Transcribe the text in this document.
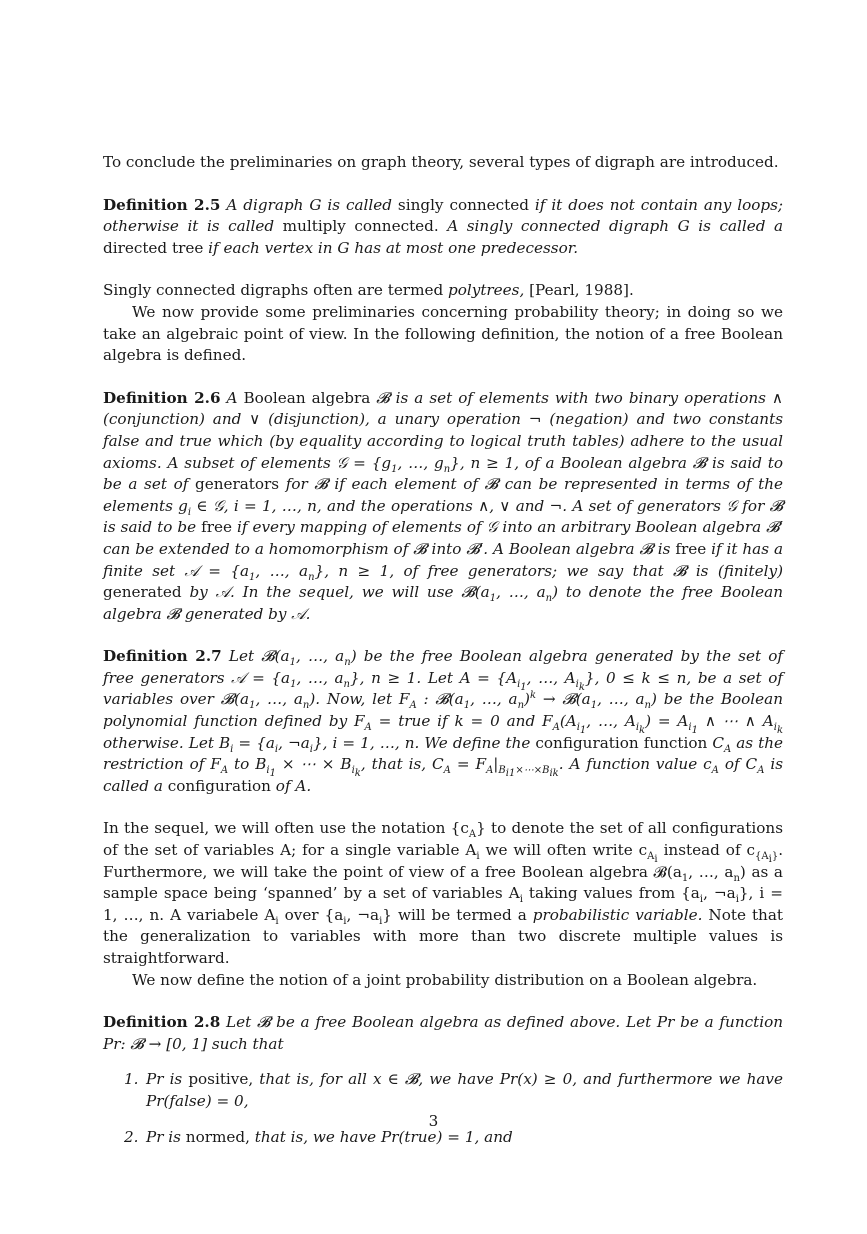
To conclude the preliminaries on graph theory, several types of digraph are introduced.

Definition 2.5 A digraph G is called singly connected if it does not contain any loops; otherwise it is called multiply connected. A singly connected digraph G is called a directed tree if each vertex in G has at most one predecessor.

Singly connected digraphs often are termed polytrees, [Pearl, 1988].

We now provide some preliminaries concerning probability theory; in doing so we take an algebraic point of view. In the following definition, the notion of a free Boolean algebra is defined.

Definition 2.6 A Boolean algebra 𝓑 is a set of elements with two binary operations ∧ (conjunction) and ∨ (disjunction), a unary operation ¬ (negation) and two constants false and true which (by equality according to logical truth tables) adhere to the usual axioms. A subset of elements 𝒢 = {$g_1$, …, $g_n$}, n ≥ 1, of a Boolean algebra 𝓑 is said to be a set of generators for 𝓑 if each element of 𝓑 can be represented in terms of the elements $g_i$ ∈ 𝒢, i = 1, …, n, and the operations ∧, ∨ and ¬. A set of generators 𝒢 for 𝓑 is said to be free if every mapping of elements of 𝒢 into an arbitrary Boolean algebra 𝓑′ can be extended to a homomorphism of 𝓑 into 𝓑′. A Boolean algebra 𝓑 is free if it has a finite set 𝒜 = {$a_1$, …, $a_n$}, n ≥ 1, of free generators; we say that 𝓑 is (finitely) generated by 𝒜. In the sequel, we will use $𝓑(a_1$, …, $a_n$) to denote the free Boolean algebra 𝓑 generated by 𝒜.

Definition 2.7 Let $𝓑(a_1$, …, $a_n$) be the free Boolean algebra generated by the set of free generators 𝒜 = {$a_1$, …, $a_n$}, n ≥ 1. Let $A = \{A_{i_1}$, …, $A_{i_k}$}, 0 ≤ k ≤ n, be a set of variables over $𝓑(a_1$, …, $a_n$). Now, let $F_A$ : $𝓑(a_1$, …, $a_n)^k$ → $𝓑(a_1$, …, $a_n$) be the Boolean polynomial function defined by $F_A$ = true if k = 0 and $F_A(A_{i_1}$, …, $A_{i_k}) = A_{i_1}$ ∧ ⋯ ∧ $A_{i_k}$ otherwise. Let $B_i = \{a_i$, $\neg a_i$}, i = 1, …, n. We define the configuration function $C_A$ as the restriction of $F_A$ to $B_{i_1}$ × ⋯ × $B_{i_k}$, that is, $C_A = F_A|_{B_{i1}\times\cdots\times B_{ik}}$. A function value $c_A$ of $C_A$ is called a configuration of A.

In the sequel, we will often use the notation $\{c_A\}$ to denote the set of all configurations of the set of variables A; for a single variable $A_i$ we will often write $c_{A_i}$ instead of $c_{\{A_i\}}$. Furthermore, we will take the point of view of a free Boolean algebra $𝓑(a_1$, …, $a_n$) as a sample space being ‘spanned’ by a set of variables $A_i$ taking values from {$a_i$, $\neg a_i$}, i = 1, …, n. A variabele $A_i$ over {$a_i$, $\neg a_i$} will be termed a probabilistic variable. Note that the generalization to variables with more than two discrete multiple values is straightforward.

We now define the notion of a joint probability distribution on a Boolean algebra.

Definition 2.8 Let 𝓑 be a free Boolean algebra as defined above. Let Pr be a function Pr: 𝓑 → [0, 1] such that

1. Pr is positive, that is, for all x ∈ 𝓑, we have Pr(x) ≥ 0, and furthermore we have Pr(false) = 0,
2. Pr is normed, that is, we have Pr(true) = 1, and
3
